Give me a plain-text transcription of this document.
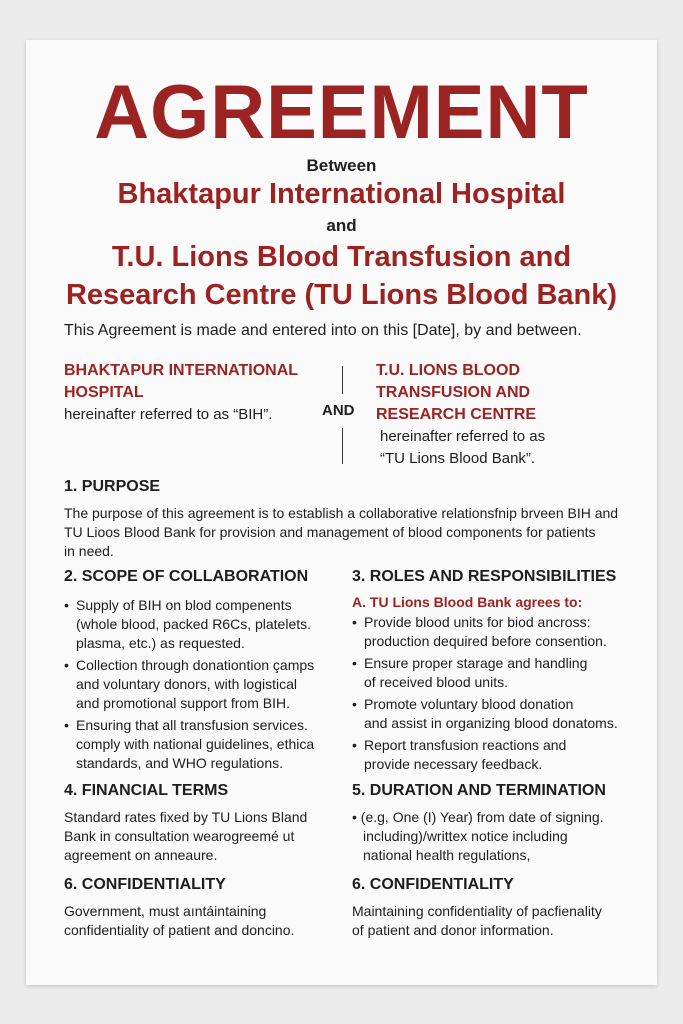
AGREEMENT
Between
Bhaktapur International Hospital
and
T.U. Lions Blood Transfusion and
Research Centre (TU Lions Blood Bank)
This Agreement is made and entered into on this [Date], by and between.
BHAKTAPUR INTERNATIONAL
HOSPITAL
hereinafter referred to as “BIH”.	AND
T.U. LIONS BLOOD
TRANSFUSION AND
RESEARCH CENTRE
hereinafter referred to as
“TU Lions Blood Bank”.
1. PURPOSE
The purpose of this agreement is to establish a collaborative relationsfnip brveen BIH and
TU Lioos Blood Bank for provision and management of blood components for patients
in need.
2. SCOPE OF COLLABORATION
• Supply of BIH on blod compenents
(whole blood, packed R6Cs, platelets.
plasma, etc.) as requested.
• Collection through donationtion çamps
and voluntary donors, with logistical
and promotional support from BIH.
• Ensuring that all transfusion services.
comply with national guidelines, ethica
standards, and WHO regulations.
3. ROLES AND RESPONSIBILITIES
A. TU Lions Blood Bank agrees to:
• Provide blood units for biod ancross:
production dequired before consention.
• Ensure proper starage and handling
of received blood units.
• Promote voluntary blood donation
and assist in organizing blood donatoms.
• Report transfusion reactions and
provide necessary feedback.
4. FINANCIAL TERMS
Standard rates fixed by TU Lions Bland
Bank in consultation wearogreemé ut
agreement on anneaure.
5. DURATION AND TERMINATION
• (e.g, One (I) Year) from date of signing.
including)/writtex notice including
national health regulations,
6. CONFIDENTIALITY
Government, must aıntáintaining
confidentiality of patient and doncino.
6. CONFIDENTIALITY
Maintaining confidentiality of pacfienality
of patient and donor information.
